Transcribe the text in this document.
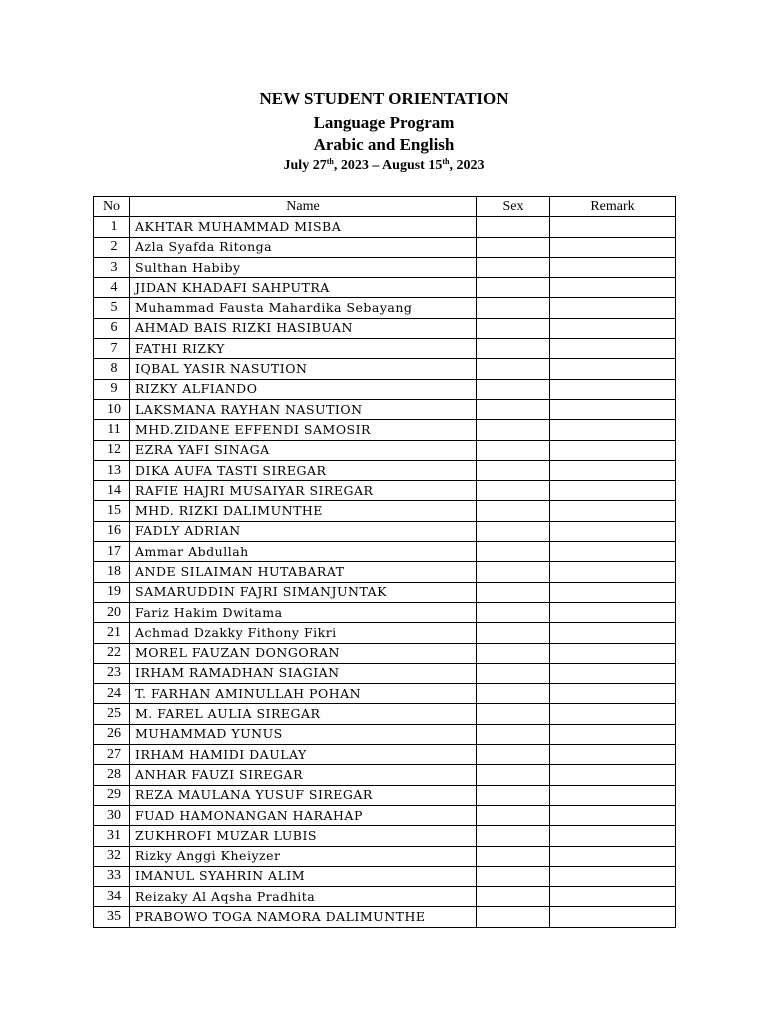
NEW STUDENT ORIENTATION
Language Program
Arabic and English
July 27th, 2023 – August 15th, 2023
No	Name	Sex	Remark
1	AKHTAR MUHAMMAD MISBA		
2	Azla Syafda Ritonga		
3	Sulthan Habiby		
4	JIDAN KHADAFI SAHPUTRA		
5	Muhammad Fausta Mahardika Sebayang		
6	AHMAD BAIS RIZKI HASIBUAN		
7	FATHI RIZKY		
8	IQBAL YASIR NASUTION		
9	RIZKY ALFIANDO		
10	LAKSMANA RAYHAN NASUTION		
11	MHD.ZIDANE EFFENDI SAMOSIR		
12	EZRA YAFI SINAGA		
13	DIKA AUFA TASTI SIREGAR		
14	RAFIE HAJRI MUSAIYAR SIREGAR		
15	MHD. RIZKI DALIMUNTHE		
16	FADLY ADRIAN		
17	Ammar Abdullah		
18	ANDE SILAIMAN HUTABARAT		
19	SAMARUDDIN FAJRI SIMANJUNTAK		
20	Fariz Hakim Dwitama		
21	Achmad Dzakky Fithony Fikri		
22	MOREL FAUZAN DONGORAN		
23	IRHAM RAMADHAN SIAGIAN		
24	T. FARHAN AMINULLAH POHAN		
25	M. FAREL AULIA SIREGAR		
26	MUHAMMAD YUNUS		
27	IRHAM HAMIDI DAULAY		
28	ANHAR FAUZI SIREGAR		
29	REZA MAULANA YUSUF SIREGAR		
30	FUAD HAMONANGAN HARAHAP		
31	ZUKHROFI MUZAR LUBIS		
32	Rizky Anggi Kheiyzer		
33	IMANUL SYAHRIN ALIM		
34	Reizaky Al Aqsha Pradhita		
35	PRABOWO TOGA NAMORA DALIMUNTHE		
